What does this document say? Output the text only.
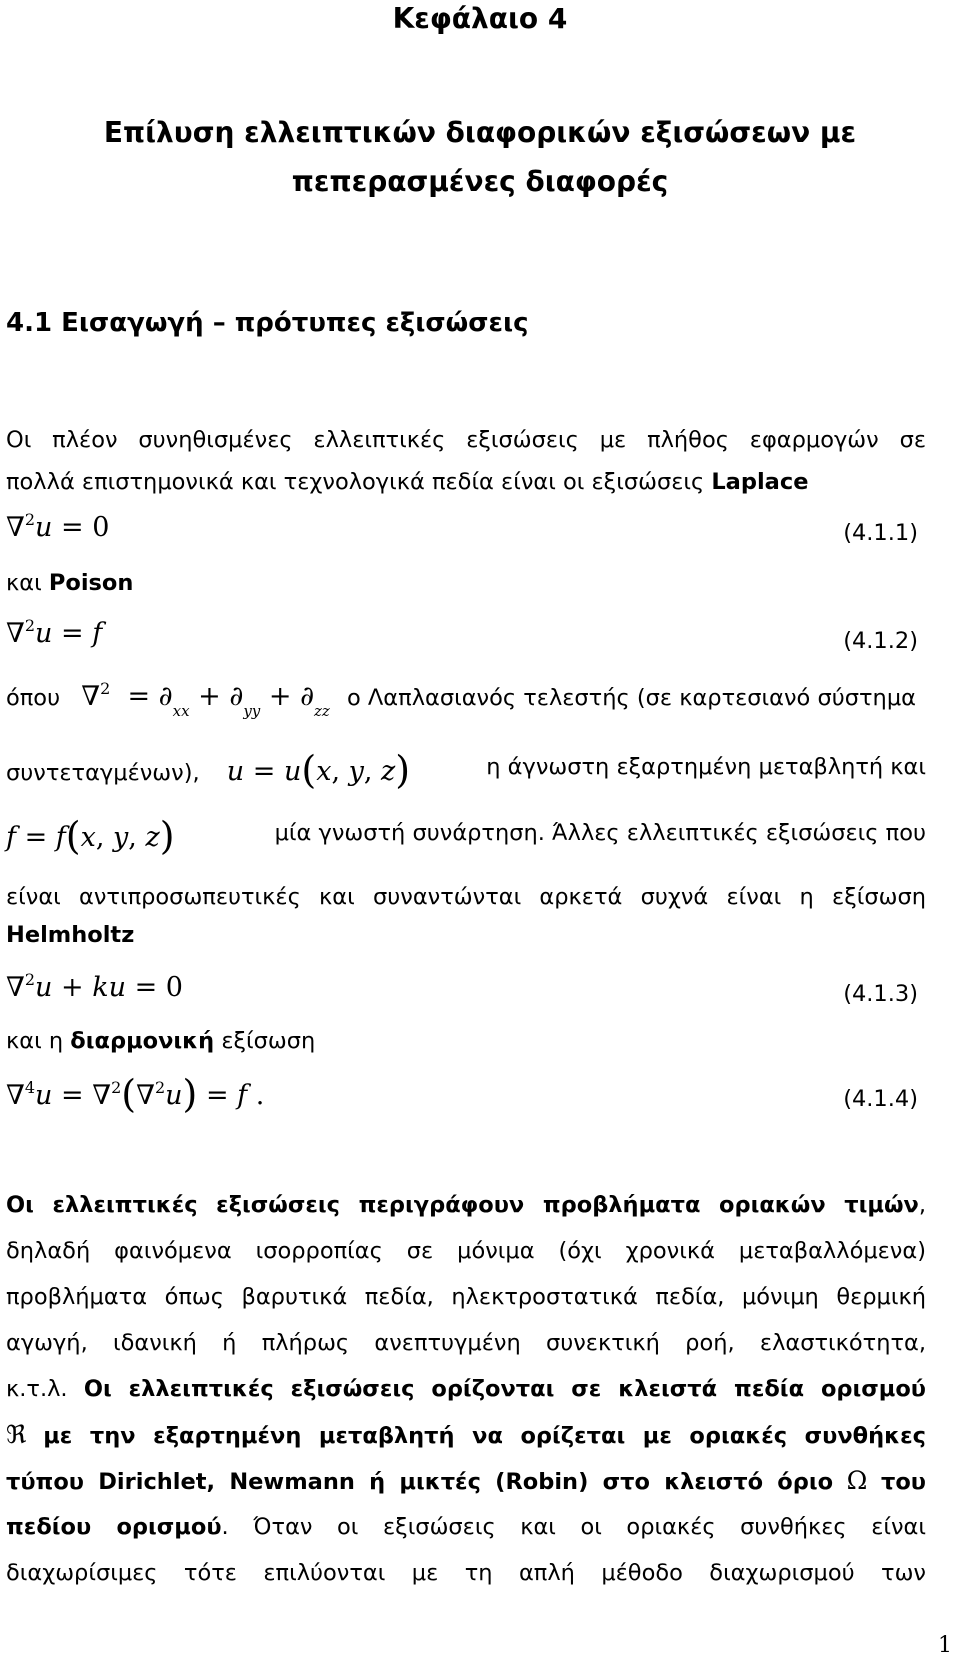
Κεφάλαιο 4
Επίλυση ελλειπτικών διαφορικών εξισώσεων με
πεπερασμένες διαφορές
4.1 Εισαγωγή – πρότυπες εξισώσεις
Οι πλέον συνηθισμένες ελλειπτικές εξισώσεις με πλήθος εφαρμογών σε
πολλά επιστημονικά και τεχνολογικά πεδία είναι οι εξισώσεις Laplace
∇$^2$u = 0	(4.1.1)
και Poison
∇$^2$u = f	(4.1.2)
όπου $\nabla^2 = \partial_{xx} + \partial_{yy} + \partial_{zz}$ ο Λαπλασιανός τελεστής (σε καρτεσιανό σύστημα
συντεταγμένων), u = u(x, y, z)	η άγνωστη εξαρτημένη μεταβλητή και
f = f(x, y, z)	μία γνωστή συνάρτηση. Άλλες ελλειπτικές εξισώσεις που
είναι αντιπροσωπευτικές και συναντώνται αρκετά συχνά είναι η εξίσωση
Helmholtz
∇$^2$u + ku = 0	(4.1.3)
και η διαρμονική εξίσωση
∇$^4$u = ∇$^2$(∇$^2$u) = f .	(4.1.4)
Οι ελλειπτικές εξισώσεις περιγράφουν προβλήματα οριακών τιμών,
δηλαδή φαινόμενα ισορροπίας σε μόνιμα (όχι χρονικά μεταβαλλόμενα)
προβλήματα όπως βαρυτικά πεδία, ηλεκτροστατικά πεδία, μόνιμη θερμική
αγωγή, ιδανική ή πλήρως ανεπτυγμένη συνεκτική ροή, ελαστικότητα,
κ.τ.λ. Οι ελλειπτικές εξισώσεις ορίζονται σε κλειστά πεδία ορισμού
ℜ με την εξαρτημένη μεταβλητή να ορίζεται με οριακές συνθήκες
τύπου Dirichlet, Newmann ή μικτές (Robin) στο κλειστό όριο Ω του
πεδίου ορισμού. Όταν οι εξισώσεις και οι οριακές συνθήκες είναι
διαχωρίσιμες τότε επιλύονται με τη απλή μέθοδο διαχωρισμού των
1
